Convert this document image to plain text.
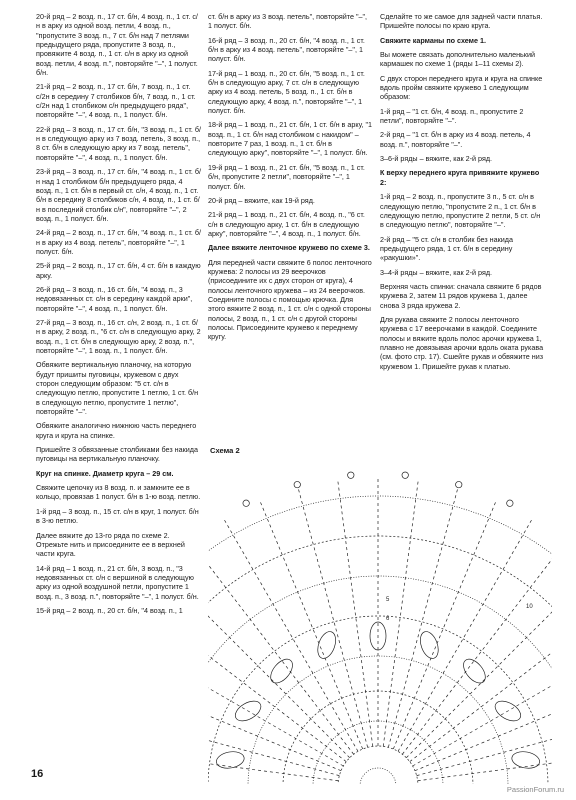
20-й ряд – 2 возд. п., 17 ст. б/н, 4 возд. п., 1 ст. с/н в арку из одной возд. петли, 4 возд. п., "пропустите 3 возд. п., 7 ст. б/н над 7 петлями предыдущего ряда, пропустите 3 возд. п., провяжите 4 возд. п., 1 ст. с/н в арку из одной возд. петли, 4 возд. п.", повторяйте "–", 1 полуст. б/н.

21-й ряд – 2 возд. п., 17 ст. б/н, 7 возд. п., 1 ст. с/2н в середину 7 столбиков б/н, 7 возд. п., 1 ст. с/2н над 1 столбиком с/н предыдущего ряда", повторяйте "–", 4 возд. п., 1 полуст. б/н.

22-й ряд – 3 возд. п., 17 ст. б/н, "3 возд. п., 1 ст. б/н в следующую арку из 7 возд. петель, 3 возд. п., 8 ст. б/н в следующую арку из 7 возд. петель", повторяйте "–", 4 возд. п., 1 полуст. б/н.

23-й ряд – 3 возд. п., 17 ст. б/н, "4 возд. п., 1 ст. б/н над 1 столбиком б/н предыдущего ряда, 4 возд. п., 1 ст. б/н в первый ст. с/н, 4 возд. п., 1 ст. б/н в середину 8 столбиков с/н, 4 возд. п., 1 ст. б/н в последний столбик с/н", повторяйте "–", 2 возд. п., 1 полуст. б/н.

24-й ряд – 2 возд. п., 17 ст. б/н, "4 возд. п., 1 ст. б/н в арку из 4 возд. петель", повторяйте "–", 1 полуст. б/н.

25-й ряд – 2 возд. п., 17 ст. б/н, 4 ст. б/н в каждую арку.

26-й ряд – 3 возд. п., 16 ст. б/н, "4 возд. п., 3 недовязанных ст. с/н в середину каждой арки", повторяйте "–", 4 возд. п., 1 полуст. б/н.

27-й ряд – 3 возд. п., 16 ст. с/н, 2 возд. п., 1 ст. б/н в арку, 2 возд. п., "6 ст. с/н в следующую арку, 2 возд. п., 1 ст. б/н в следующую арку, 2 возд. п.", повторяйте "–", 1 возд. п., 1 полуст. б/н.

Обвяжите вертикальную планочку, на которую будут пришиты пуговицы, кружевом с двух сторон следующим образом: "5 ст. с/н в следующую петлю, пропустите 1 петлю, 1 ст. б/н в следующую петлю, пропустите 1 петлю", повторяйте "–".

Обвяжите аналогично нижнюю часть переднего круга и круга на спинке.

Пришейте 3 обвязанные столбиками без накида пуговицы на вертикальную планочку.

Круг на спинке. Диаметр круга – 29 см.

Свяжите цепочку из 8 возд. п. и замкните ее в кольцо, провязав 1 полуст. б/н в 1-ю возд. петлю.

1-й ряд – 3 возд. п., 15 ст. с/н в круг, 1 полуст. б/н в 3-ю петлю.

Далее вяжите до 13-го ряда по схеме 2. Отрежьте нить и присоедините ее в верхней части круга.

14-й ряд – 1 возд. п., 21 ст. б/н, 3 возд. п., "3 недовязанных ст. с/н с вершиной в следующую арку из одной воздушной петли, пропустите 1 возд. п., 3 возд. п.", повторяйте "–", 1 полуст. б/н.

15-й ряд – 2 возд. п., 20 ст. б/н, "4 возд. п., 1

ст. б/н в арку из 3 возд. петель", повторяйте "–", 1 полуст. б/н.

16-й ряд – 3 возд. п., 20 ст. б/н, "4 возд. п., 1 ст. б/н в арку из 4 возд. петель", повторяйте "–", 1 полуст. б/н.

17-й ряд – 1 возд. п., 20 ст. б/н, "5 возд. п., 1 ст. б/н в следующую арку, 7 ст. с/н в следующую арку из 4 возд. петель, 5 возд. п., 1 ст. б/н в следующую арку, 4 возд. п.", повторяйте "–", 1 полуст. б/н.

18-й ряд – 1 возд. п., 21 ст. б/н, 1 ст. б/н в арку, "1 возд. п., 1 ст. б/н над столбиком с накидом" – повторите 7 раз, 1 возд. п., 1 ст. б/н в следующую арку", повторяйте "–", 1 полуст. б/н.

19-й ряд – 1 возд. п., 21 ст. б/н, "5 возд. п., 1 ст. б/н, пропустите 2 петли", повторяйте "–", 1 полуст. б/н.

20-й ряд – вяжите, как 19-й ряд.

21-й ряд – 1 возд. п., 21 ст. б/н, 4 возд. п., "6 ст. с/н в следующую арку, 1 ст. б/н в следующую арку", повторяйте "–", 4 возд. п., 1 полуст. б/н.

Далее вяжите ленточное кружево по схеме 3.

Для передней части свяжите 6 полос ленточного кружева: 2 полосы из 29 веерочков (присоедините их с двух сторон от круга), 4 полосы ленточного кружева – из 24 веерочков. Соедините полосы с помощью крючка. Для этого вяжите 2 возд. п., 1 ст. с/н с одной стороны полосы, 2 возд. п., 1 ст. с/н с другой стороны полосы. Присоедините кружево к переднему кругу.

Сделайте то же самое для задней части платья. Пришейте полосы по краю круга.

Свяжите карманы по схеме 1.

Вы можете связать дополнительно маленький кармашек по схеме 1 (ряды 1–11 схемы 2).

С двух сторон переднего круга и круга на спинке вдоль пройм свяжите кружево 1 следующим образом:

1-й ряд – "1 ст. б/н, 4 возд. п., пропустите 2 петли", повторяйте "–".

2-й ряд – "1 ст. б/н в арку из 4 возд. петель, 4 возд. п.", повторяйте "–".

3–6-й ряды – вяжите, как 2-й ряд.

К верху переднего круга привяжите кружево 2:

1-й ряд – 2 возд. п., пропустите 3 п., 5 ст. с/н в следующую петлю, "пропустите 2 п., 1 ст. б/н в следующую петлю, пропустите 2 петли, 5 ст. с/н в следующую петлю", повторяйте "–".

2-й ряд – "5 ст. с/н в столбик без накида предыдущего ряда, 1 ст. б/н в середину «ракушки»".

3–4-й ряды – вяжите, как 2-й ряд.

Верхняя часть спинки: сначала свяжите 6 рядов кружева 2, затем 11 рядов кружева 1, далее снова 3 ряда кружева 2.

Для рукава свяжите 2 полосы ленточного кружева с 17 веерочками в каждой. Соедините полосы и вяжите вдоль полос арочки кружева 1, плавно не довязывая арочки вдоль оката рукава (см. фото стр. 17). Сшейте рукав и обвяжите низ кружевом 1. Пришейте рукав к платью.

Схема 2
5
6
10
16
PassionForum.ru
